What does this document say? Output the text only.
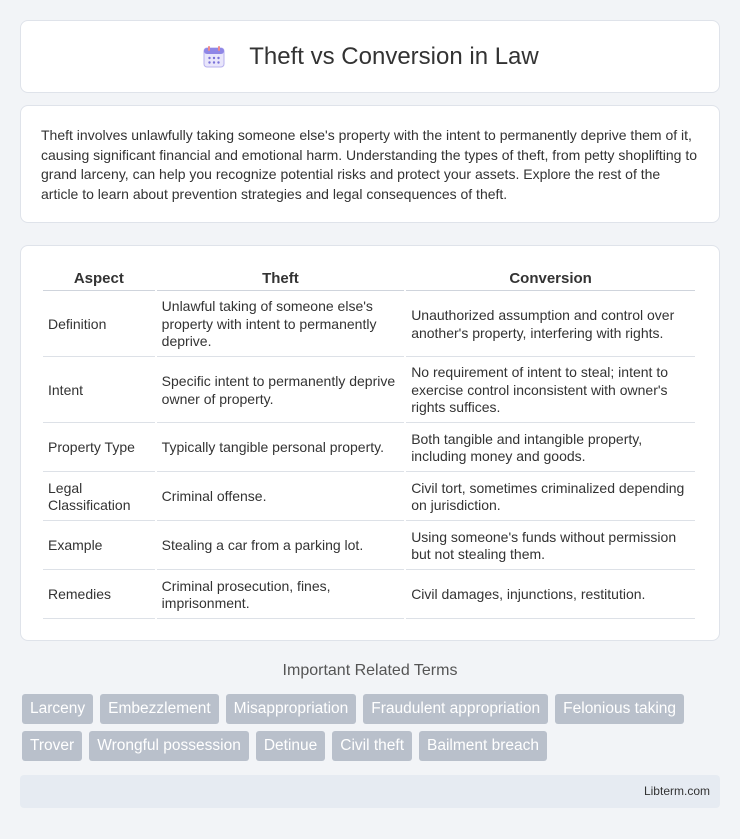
Theft vs Conversion in Law

Theft involves unlawfully taking someone else's property with the intent to permanently deprive them of it, causing significant financial and emotional harm. Understanding the types of theft, from petty shoplifting to grand larceny, can help you recognize potential risks and protect your assets. Explore the rest of the article to learn about prevention strategies and legal consequences of theft.

Aspect	Theft	Conversion
Definition	Unlawful taking of someone else's property with intent to permanently deprive.	Unauthorized assumption and control over another's property, interfering with rights.
Intent	Specific intent to permanently deprive owner of property.	No requirement of intent to steal; intent to exercise control inconsistent with owner's rights suffices.
Property Type	Typically tangible personal property.	Both tangible and intangible property, including money and goods.
Legal Classification	Criminal offense.	Civil tort, sometimes criminalized depending on jurisdiction.
Example	Stealing a car from a parking lot.	Using someone's funds without permission but not stealing them.
Remedies	Criminal prosecution, fines, imprisonment.	Civil damages, injunctions, restitution.
Important Related Terms
Larceny	Embezzlement	Misappropriation	Fraudulent appropriation	Felonious taking
Trover	Wrongful possession	Detinue	Civil theft	Bailment breach
Libterm.com
